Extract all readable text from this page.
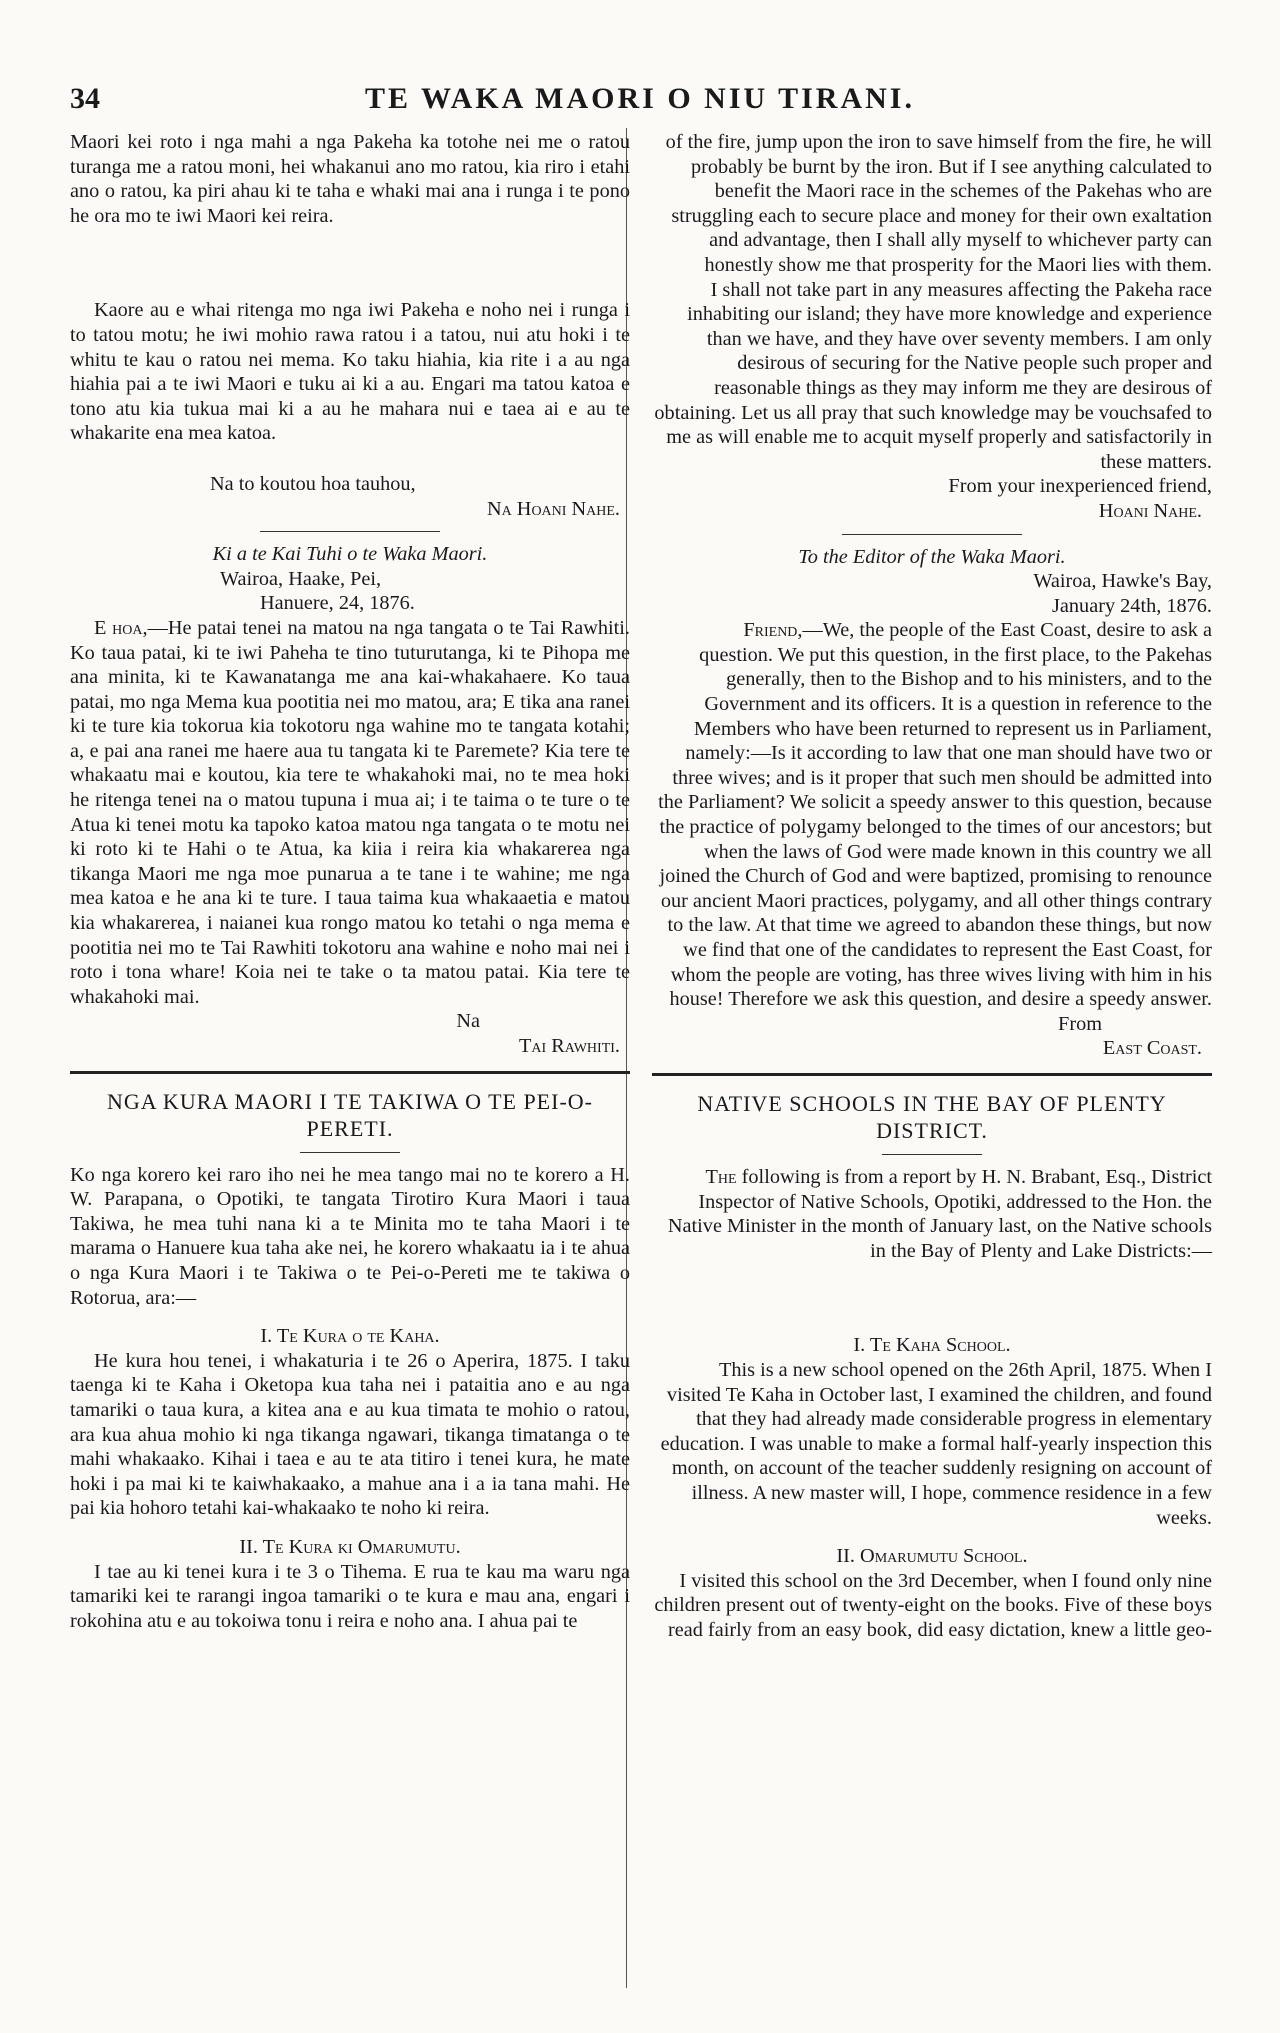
34	TE WAKA MAORI O NIU TIRANI.

Maori kei roto i nga mahi a nga Pakeha ka totohe nei me o ratou turanga me a ratou moni, hei whakanui ano mo ratou, kia riro i etahi ano o ratou, ka piri ahau ki te taha e whaki mai ana i runga i te pono he ora mo te iwi Maori kei reira.

Kaore au e whai ritenga mo nga iwi Pakeha e noho nei i runga i to tatou motu; he iwi mohio rawa ratou i a tatou, nui atu hoki i te whitu te kau o ratou nei mema. Ko taku hiahia, kia rite i a au nga hiahia pai a te iwi Maori e tuku ai ki a au. Engari ma tatou katoa e tono atu kia tukua mai ki a au he mahara nui e taea ai e au te whakarite ena mea katoa.

Na to koutou hoa tauhou,

Na Hoani Nahe.

Ki a te Kai Tuhi o te Waka Maori.

Wairoa, Haake, Pei,

Hanuere, 24, 1876.

E hoa,—He patai tenei na matou na nga tangata o te Tai Rawhiti. Ko taua patai, ki te iwi Paheha te tino tuturutanga, ki te Pihopa me ana minita, ki te Kawanatanga me ana kai-whakahaere. Ko taua patai, mo nga Mema kua pootitia nei mo matou, ara; E tika ana ranei ki te ture kia tokorua kia tokotoru nga wahine mo te tangata kotahi; a, e pai ana ranei me haere aua tu tangata ki te Paremete? Kia tere te whakaatu mai e koutou, kia tere te whakahoki mai, no te mea hoki he ritenga tenei na o matou tupuna i mua ai; i te taima o te ture o te Atua ki tenei motu ka tapoko katoa matou nga tangata o te motu nei ki roto ki te Hahi o te Atua, ka kiia i reira kia whakarerea nga tikanga Maori me nga moe punarua a te tane i te wahine; me nga mea katoa e he ana ki te ture. I taua taima kua whakaaetia e matou kia whakarerea, i naianei kua rongo matou ko tetahi o nga mema e pootitia nei mo te Tai Rawhiti tokotoru ana wahine e noho mai nei i roto i tona whare! Koia nei te take o ta matou patai. Kia tere te whakahoki mai.

Na

Tai Rawhiti.

NGA KURA MAORI I TE TAKIWA O TE PEI-O-PERETI.

Ko nga korero kei raro iho nei he mea tango mai no te korero a H. W. Parapana, o Opotiki, te tangata Tirotiro Kura Maori i taua Takiwa, he mea tuhi nana ki a te Minita mo te taha Maori i te marama o Hanuere kua taha ake nei, he korero whakaatu ia i te ahua o nga Kura Maori i te Takiwa o te Pei-o-Pereti me te takiwa o Rotorua, ara:—

I. Te Kura o te Kaha.

He kura hou tenei, i whakaturia i te 26 o Aperira, 1875. I taku taenga ki te Kaha i Oketopa kua taha nei i pataitia ano e au nga tamariki o taua kura, a kitea ana e au kua timata te mohio o ratou, ara kua ahua mohio ki nga tikanga ngawari, tikanga timatanga o te mahi whakaako. Kihai i taea e au te ata titiro i tenei kura, he mate hoki i pa mai ki te kaiwhakaako, a mahue ana i a ia tana mahi. He pai kia hohoro tetahi kai-whakaako te noho ki reira.

II. Te Kura ki Omarumutu.

I tae au ki tenei kura i te 3 o Tihema. E rua te kau ma waru nga tamariki kei te rarangi ingoa tamariki o te kura e mau ana, engari i rokohina atu e au tokoiwa tonu i reira e noho ana. I ahua pai te

of the fire, jump upon the iron to save himself from the fire, he will probably be burnt by the iron. But if I see anything calculated to benefit the Maori race in the schemes of the Pakehas who are struggling each to secure place and money for their own exaltation and advantage, then I shall ally myself to whichever party can honestly show me that prosperity for the Maori lies with them.

I shall not take part in any measures affecting the Pakeha race inhabiting our island; they have more knowledge and experience than we have, and they have over seventy members. I am only desirous of securing for the Native people such proper and reasonable things as they may inform me they are desirous of obtaining. Let us all pray that such knowledge may be vouchsafed to me as will enable me to acquit myself properly and satisfactorily in these matters.

From your inexperienced friend,

Hoani Nahe.

To the Editor of the Waka Maori.

Wairoa, Hawke's Bay,

January 24th, 1876.

Friend,—We, the people of the East Coast, desire to ask a question. We put this question, in the first place, to the Pakehas generally, then to the Bishop and to his ministers, and to the Government and its officers. It is a question in reference to the Members who have been returned to represent us in Parliament, namely:—Is it according to law that one man should have two or three wives; and is it proper that such men should be admitted into the Parliament? We solicit a speedy answer to this question, because the practice of polygamy belonged to the times of our ancestors; but when the laws of God were made known in this country we all joined the Church of God and were baptized, promising to renounce our ancient Maori practices, polygamy, and all other things contrary to the law. At that time we agreed to abandon these things, but now we find that one of the candidates to represent the East Coast, for whom the people are voting, has three wives living with him in his house! Therefore we ask this question, and desire a speedy answer.

From

East Coast.

NATIVE SCHOOLS IN THE BAY OF PLENTY DISTRICT.

The following is from a report by H. N. Brabant, Esq., District Inspector of Native Schools, Opotiki, addressed to the Hon. the Native Minister in the month of January last, on the Native schools in the Bay of Plenty and Lake Districts:—

I. Te Kaha School.

This is a new school opened on the 26th April, 1875. When I visited Te Kaha in October last, I examined the children, and found that they had already made considerable progress in elementary education. I was unable to make a formal half-yearly inspection this month, on account of the teacher suddenly resigning on account of illness. A new master will, I hope, commence residence in a few weeks.

II. Omarumutu School.

I visited this school on the 3rd December, when I found only nine children present out of twenty-eight on the books. Five of these boys read fairly from an easy book, did easy dictation, knew a little geo-
